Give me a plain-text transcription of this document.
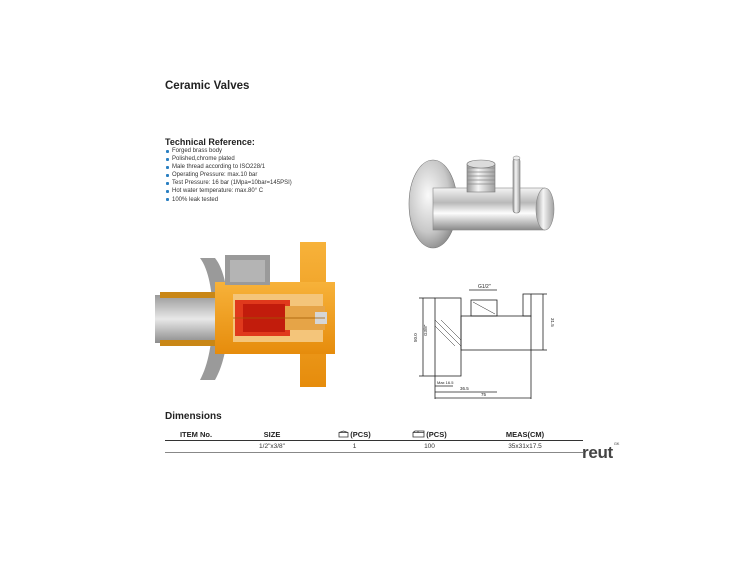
Ceramic Valves
Technical Reference:
Forged brass body
Polished,chrome plated
Male thread according to ISO228/1
Operating Pressure: max.10 bar
Test Pressure: 16 bar (1Mpa=10bar=145PSI)
Hot water temperature: max.80° C
100% leak tested
G1/2"
G3/8"
50.0
31.5
Max 16.5
36.5
75
Dimensions
ITEM No.	SIZE	(PCS)	(PCS)	MEAS(CM)
	1/2"x3/8"	1	100	35x31x17.5 reut$^{GK}$
